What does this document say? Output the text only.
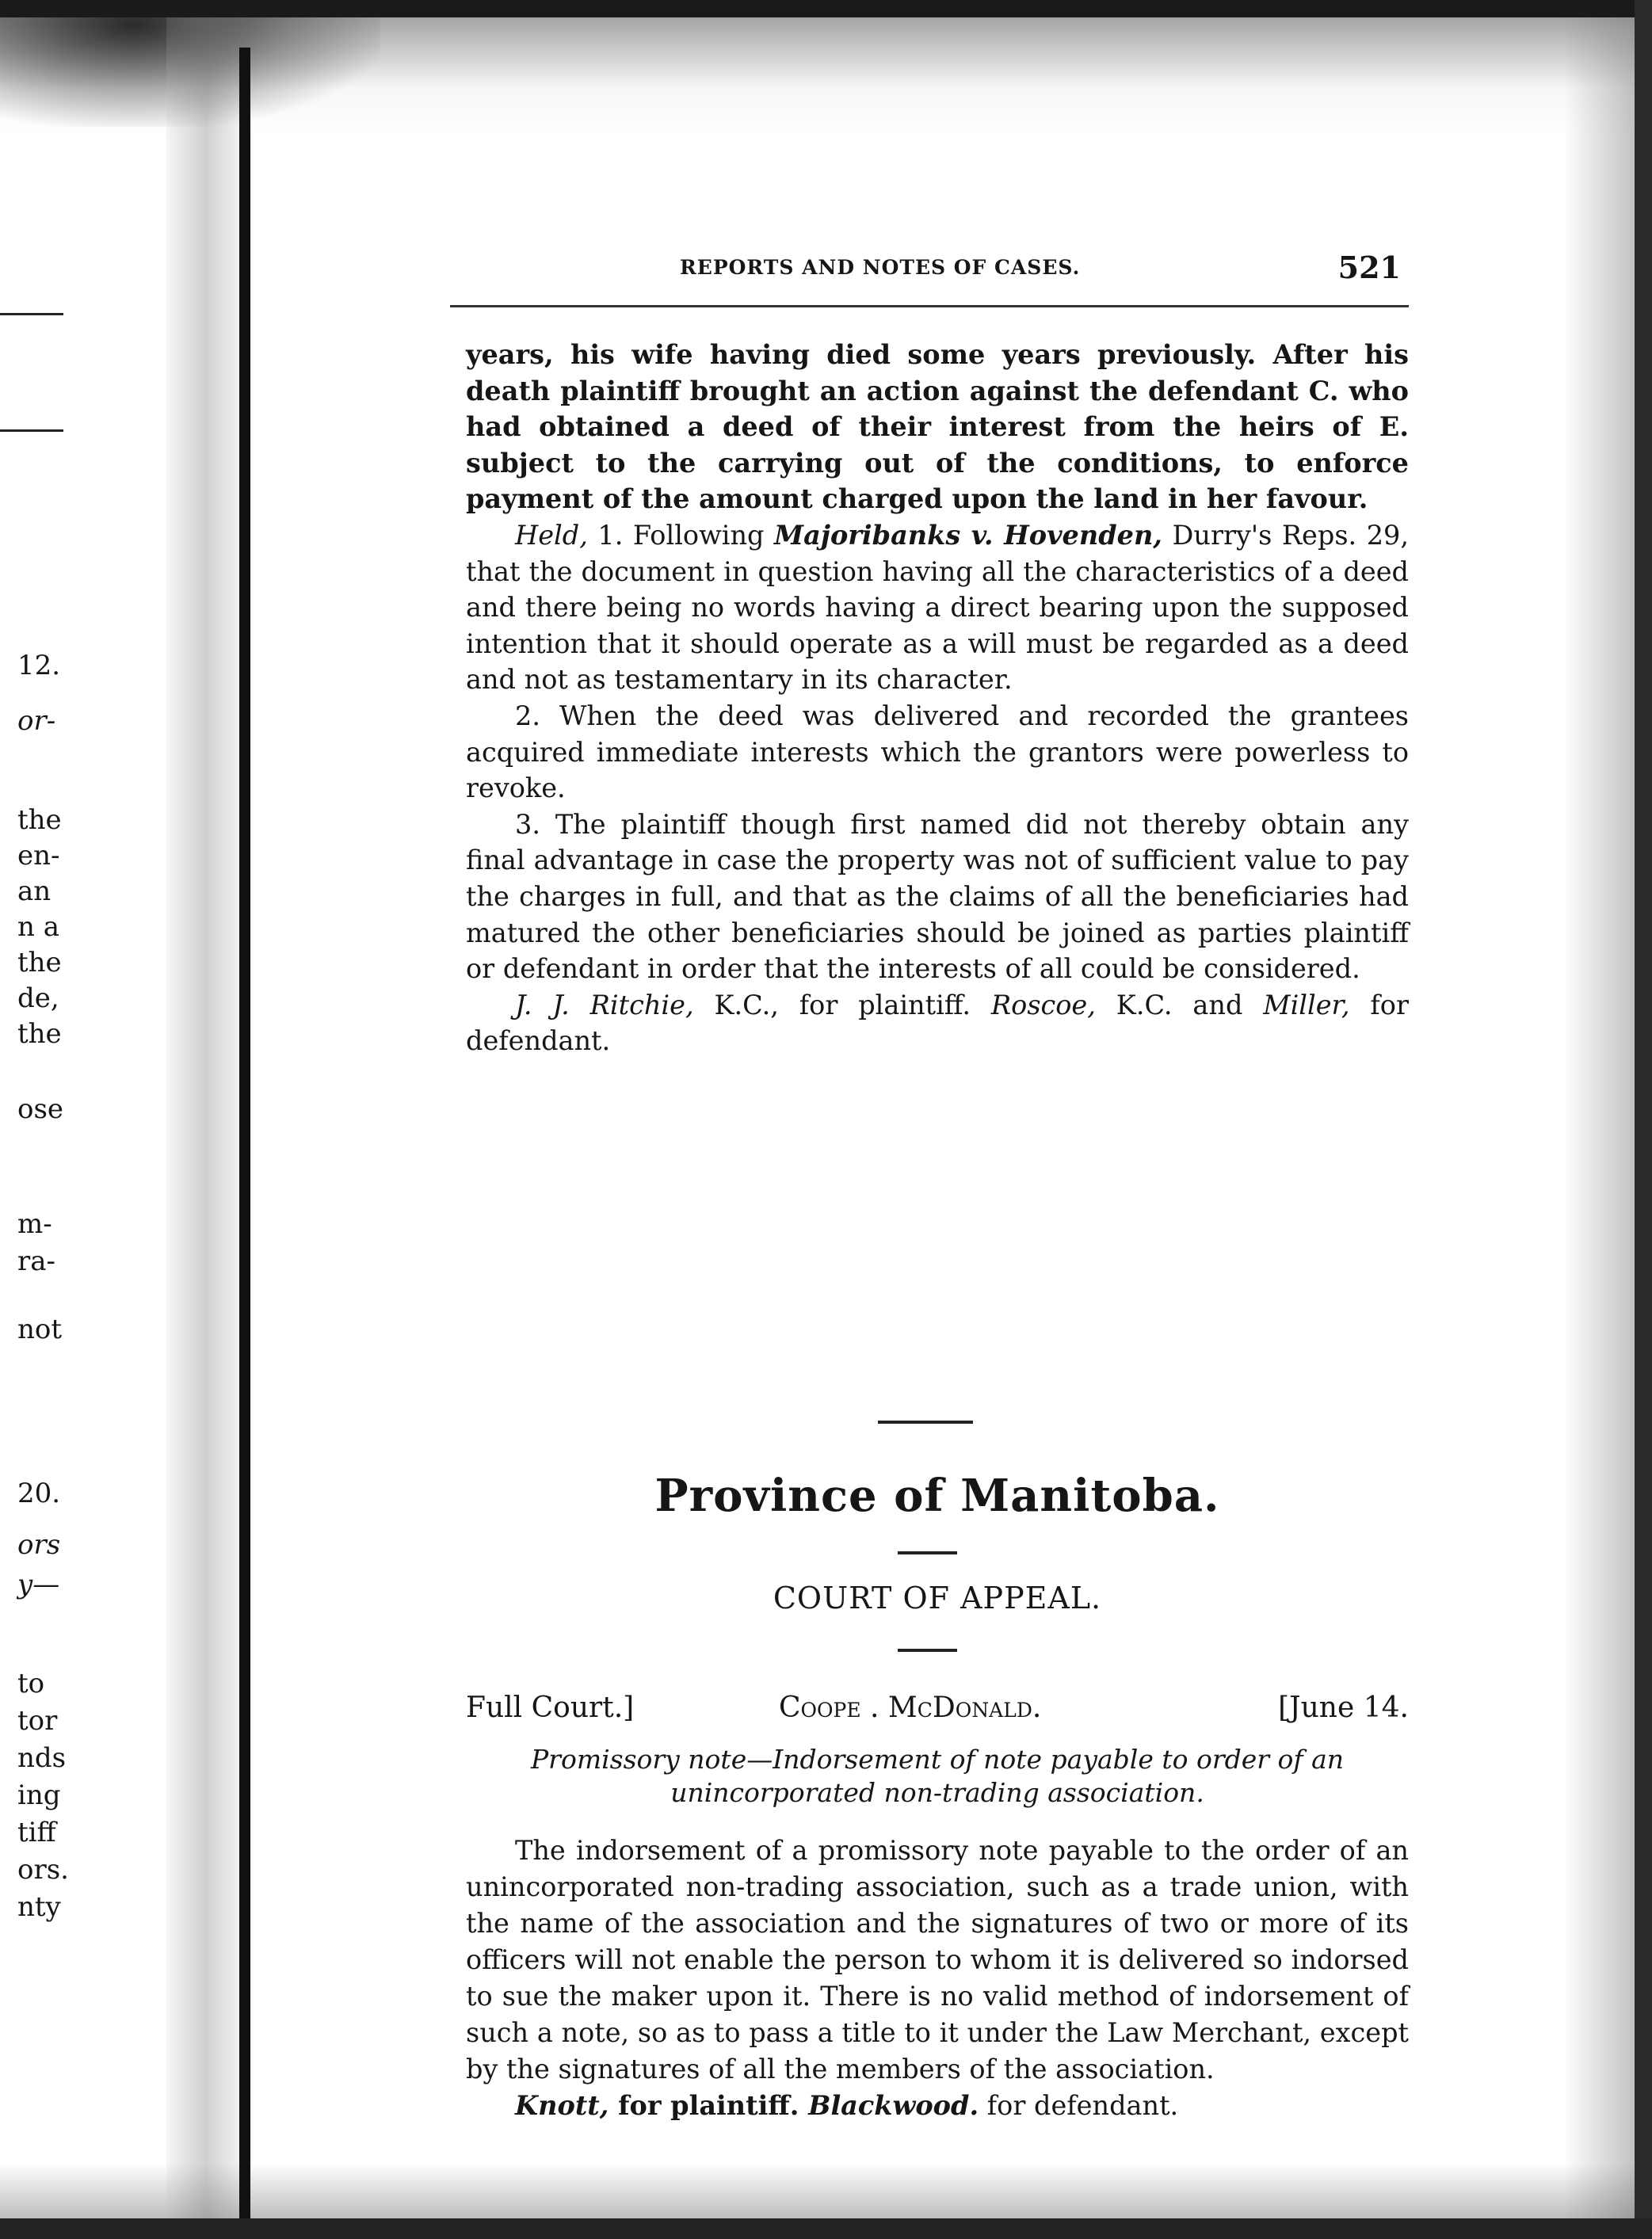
12.
or-
the
en-
an
n a
the
de,
the
ose
m-
ra-
not
20.
ors
y—
to
tor
nds
ing
tiff
ors.
nty
REPORTS AND NOTES OF CASES.	521

years, his wife having died some years previously. After his death plaintiff brought an action against the defendant C. who had obtained a deed of their interest from the heirs of E. subject to the carrying out of the conditions, to enforce payment of the amount charged upon the land in her favour.

Held, 1. Following Majoribanks v. Hovenden, Durry's Reps. 29, that the document in question having all the characteristics of a deed and there being no words having a direct bearing upon the supposed intention that it should operate as a will must be regarded as a deed and not as testamentary in its character.

2. When the deed was delivered and recorded the grantees acquired immediate interests which the grantors were powerless to revoke.

3. The plaintiff though first named did not thereby obtain any final advantage in case the property was not of sufficient value to pay the charges in full, and that as the claims of all the beneficiaries had matured the other beneficiaries should be joined as parties plaintiff or defendant in order that the interests of all could be considered.

J. J. Ritchie, K.C., for plaintiff. Roscoe, K.C. and Miller, for defendant.

Province of Manitoba.
COURT OF APPEAL.
Full Court.]	Coope . McDonald.	[June 14.
Promissory note—Indorsement of note payable to order of an
unincorporated non-trading association.

The indorsement of a promissory note payable to the order of an unincorporated non-trading association, such as a trade union, with the name of the association and the signatures of two or more of its officers will not enable the person to whom it is delivered so indorsed to sue the maker upon it. There is no valid method of indorsement of such a note, so as to pass a title to it under the Law Merchant, except by the signatures of all the members of the association.

Knott, for plaintiff. Blackwood. for defendant.
